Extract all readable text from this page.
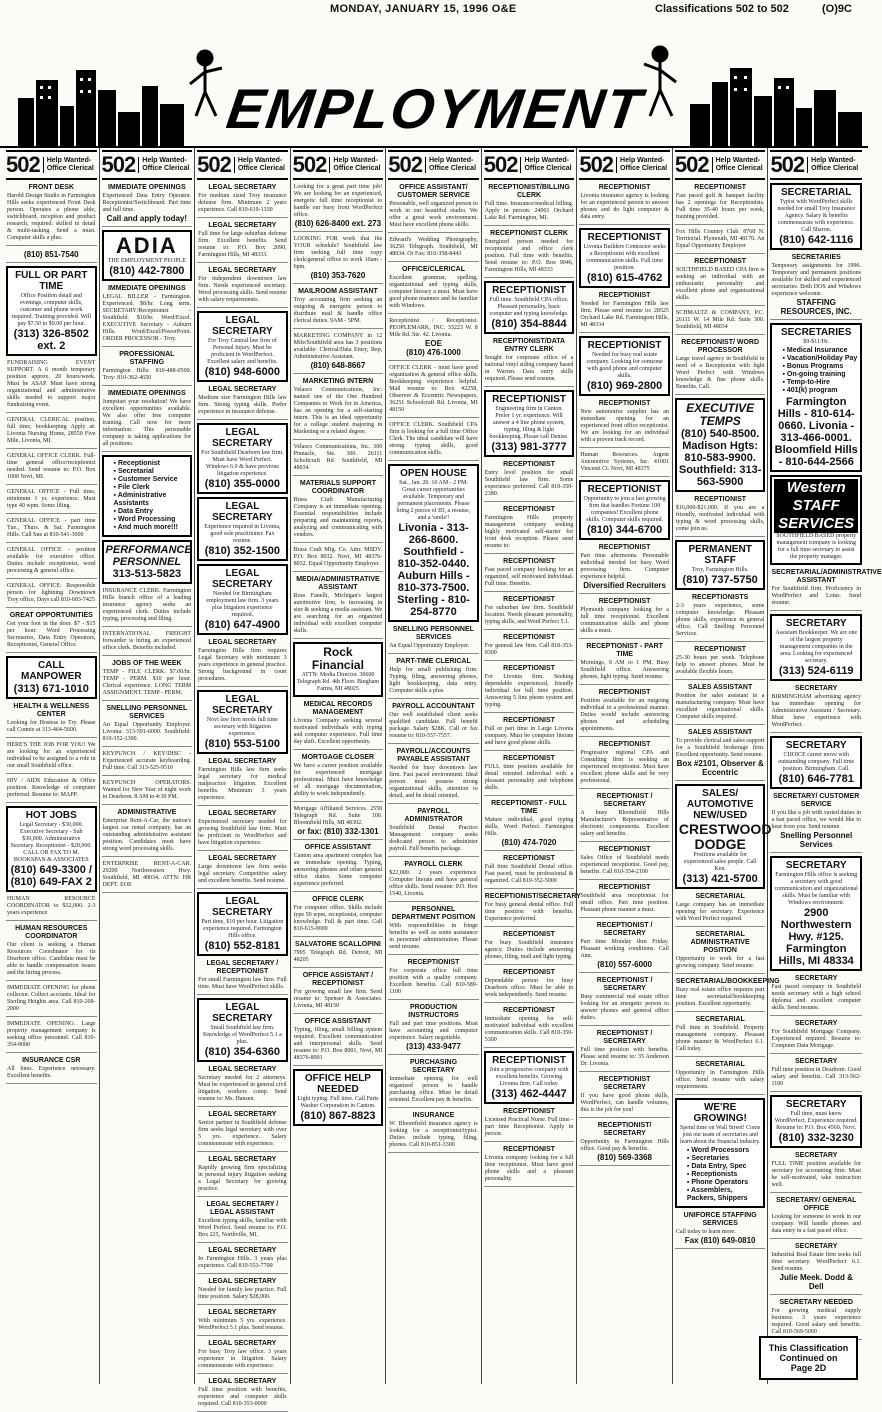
MONDAY, JANUARY 15, 1996 O&E	Classifications 502 to 502	(O)9C
EMPLOYMENT
502	Help Wanted-Office Clerical
FRONT DESK
Harold Design Studio in Farmington Hills seeks experienced Front Desk person. Operates a phone able, switchboard, reception and product research, required: skilled in detail & multi-tasking. Send a must. Computer skills a plus.
(810) 851-7540
FULL OR PART TIME
Office Position detail and evenings, computer skills, customer and phone work required. Training provided. Will pay $7.50 to $9.00 per hour.
(313) 326-8502 ext. 2
FUNDRAISING EVENT SUPPORT. A 6 month temporary position approx. 20 hours/week. Must be ASAP. Must have strong organizational and administrative skills needed to support major fundraising event.
GENERAL CLERICAL position, full time, bookkeeping Apply at: Livonia Nursing Home, 28550 Five Mile, Livonia, MI.
GENERAL OFFICE CLERK. Full-time general office/receptionist needed. Send resume to: P.O. Box 1000 Novi, MI.
GENERAL OFFICE - Full time, minimum 1 yr. experience. Must type 40 wpm. Some filing.
GENERAL OFFICE - part time Tue., Thurs. & Sat. Farmington Hills. Call Sue at 810-541-3000
GENERAL OFFICE - position available for executive office. Duties include receptionist, word processing & general office.
GENERAL OFFICE: Responsible person for lightning Downtown Troy office, Days call 810-683-7425
GREAT OPPORTUNITIES
Get your foot in the door. $7 - $15 per hour. Word Processing Secretaries, Data Entry Operators, Receptionist, General Office.
CALL MANPOWER
(313) 671-1010
HEALTH & WELLNESS CENTER
Looking for Hostess to Try. Please call Connie at 313-464-5600.
HERE'S THE JOB FOR YOU! We are looking for an experienced individual to be assigned to a role in our small Southfield office.
HIV / AIDS Education & Office position. Knowledge of computer preferred. Resume to: MAPP.
HOT JOBS
Legal Secretary - $30,000. Executive Secretary - Sub $30,000. Administrative Secretary. Receptionist - $20,000. CALL OR FAX TO M. BOOKSPAN & ASSOCIATES
(810) 649-3300 / (810) 649-FAX 2
HUMAN RESOURCE COORDINATOR to $32,000. 2-3 years experience.
HUMAN RESOURCES COORDINATOR
Our client is seeking a Human Resources Coordinator for its Dearborn office. Candidate must be able to handle compensation issues and the hiring process.
IMMEDIATE OPENING for phone collector. Collect accounts. Ideal for Sterling Heights area. Call 810-268-2000
IMMEDIATE OPENING: Large property management company is seeking office personnel. Call 810-354-9000
INSURANCE CSR
All lines. Experience necessary. Excellent benefits.
502	Help Wanted-Office Clerical
IMMEDIATE OPENINGS
Experienced Data Entry Operator. Receptionist/Switchboard. Part time and full time.
Call and apply today!
ADIA
THE EMPLOYMENT PEOPLE
(810) 442-7800
IMMEDIATE OPENINGS
LEGAL BILLER - Farmington. Experienced. $8/hr. Long term. SECRETARY/Receptionist - Southfield. $10/hr. Word/Excel. EXECUTIVE Secretary - Auburn Hills. Word/Excel/PowerPoint. ORDER PROCESSOR - Troy.
PROFESSIONAL STAFFING
Farmington Hills: 810-488-0500. Troy: 810-362-4650
IMMEDIATE OPENINGS
Jumpstart your resolution! We have excellent opportunities available. We also offer free computer training. Call now for more information. This personable company is taking applications for all positions.
▪ Receptionist
▪ Secretarial
▪ Customer Service
▪ File Clerk
▪ Administrative Assistants
▪ Data Entry
▪ Word Processing
▪ And much more!!!
PERFORMANCE PERSONNEL
313-513-5823
INSURANCE CLERK. Farmington Hills branch office of a leading insurance agency seeks an experienced clerk. Duties include typing, processing and filing.
INTERNATIONAL FREIGHT forwarder is hiring an experienced office clerk. Benefits included.
JOBS OF THE WEEK
TEMP - FILE CLERK. $7.00/hr. TEMP - PERM. $10 per hour. Clerical experience. LONG TERM ASSIGNMENT. TEMP - PERM.
SNELLING PERSONNEL SERVICES
An Equal Opportunity Employer. Livonia: 313-591-6000. Southfield: 810-352-1300.
KEYPUNCH / KEY/DISC - Experienced accurate keyboarding. Full time. Call 313-525-9510
KEYPUNCH OPERATORS. Wanted for New Year of night work in Dearborn. 8 AM to 4:30 PM.
ADMINISTRATIVE
Enterprise Rent-A-Car, the nation's largest car rental company, has an outstanding administrative assistant position. Candidates must have strong word processing skills.
ENTERPRISE RENT-A-CAR. 29200 Northwestern Hwy. Southfield, MI 48034. ATTN: HR DEPT. EOE
502	Help Wanted-Office Clerical
LEGAL SECRETARY
For medium sized Troy insurance defense firm. Minimum 2 years experience. Call 810-619-1330
LEGAL SECRETARY
Full time for large suburban defense firm. Excellent benefits. Send resume to: P.O. Box 2090, Farmington Hills, MI 48333.
LEGAL SECRETARY
For independent downtown law firm. Needs experienced secretary. Word processing skills. Send resume with salary requirements.
LEGAL SECRETARY
For Troy Central law firm of Personal Injury. Must be proficient in WordPerfect. Excellent salary and benefits.
(810) 948-6000
LEGAL SECRETARY
Medium size Farmington Hills law firm. Strong typing skills. Prefer experience in insurance defense.
LEGAL SECRETARY
For Southfield Dearborn law firm. Must have Word Perfect. Windows 6.0 & have previous litigation experience.
(810) 355-0000
LEGAL SECRETARY
Experience required in Livonia, good sole practitioner. Fax resume.
(810) 352-1500
LEGAL SECRETARY
Needed for Birmingham employment law firm. 3 years plus litigation experience required.
(810) 647-4900
LEGAL SECRETARY
Farmington Hills firm requires Legal Secretary with minimum 3 years experience in general practice. Strong background in court procedures.
LEGAL SECRETARY
Novi law firm needs full time secretary with litigation experience.
(810) 553-5100
LEGAL SECRETARY
Farmington Hills law firm seeks legal secretary for medical malpractice litigation. Excellent benefits. Minimum 3 years experience.
LEGAL SECRETARY
Experienced secretary needed for growing Southfield law firm. Must be proficient in WordPerfect and have litigation experience.
LEGAL SECRETARY
Large downtown law firm seeks legal secretary. Competitive salary and excellent benefits. Send resume.
LEGAL SECRETARY
Part time, $10 per hour. Litigation experience required. Farmington Hills office.
(810) 552-8181
LEGAL SECRETARY / RECEPTIONIST
For small Farmington law firm. Full time. Must have WordPerfect skills.
LEGAL SECRETARY
Small Southfield law firm. Knowledge of WordPerfect 5.1 a plus.
(810) 354-6360
LEGAL SECRETARY
Secretary needed for 2 attorneys. Must be experienced in general civil litigation, workers comp. Send resume to: Ms. Hansen.
LEGAL SECRETARY
Senior partner in Southfield defense firm seeks legal secretary with over 5 yrs. experience. Salary commensurate with experience.
LEGAL SECRETARY
Rapidly growing firm specializing in personal injury litigation seeking a Legal Secretary for growing practice.
LEGAL SECRETARY / LEGAL ASSISTANT
Excellent typing skills, familiar with Word Perfect. Send resume to: P.O. Box 225, Northville, MI.
LEGAL SECRETARY
In Farmington Hills. 3 years plus experience. Call 810-553-7700
LEGAL SECRETARY
Needed for family law practice. Full time position. Salary $28,000.
LEGAL SECRETARY
With minimum 5 yrs. experience. WordPerfect 5.1 plus. Send resume.
LEGAL SECRETARY
For busy Troy law office. 3 years experience in litigation. Salary commensurate with experience.
LEGAL SECRETARY
Full time position with benefits, experience and computer skills required. Call 810-353-0000
502	Help Wanted-Office Clerical
Looking for a great part time job! We are looking for an experienced, energetic full time receptionist to handle our busy front WordPerfect office.
(810) 626-8400 ext. 273
LOOKING FOR work that fits YOUR schedule? Southfield law firm seeking full time copy clerk/general office to work 10am - 6pm.
(810) 353-7620
MAILROOM ASSISTANT
Troy accounting firm seeking an outgoing & energetic person to distribute mail & handle office clerical duties. 9AM - 5PM.
MARKETING COMPANY in 12 Mile/Southfield area has 3 positions available: Clerical/Data Entry, Rep, Administrative Assistant.
(810) 648-8667
MARKETING INTERN
Velasco Communications, Inc. named one of the One Hundred Companies to Work for in America, has an opening for a self-starting intern. This is an ideal opportunity for a college student majoring in Marketing or a related degree.
Velasco Communications, Inc. 300 Pinnacle, Ste. 300. 26111 Scholtcraft Rd. Southfield, MI 48034
MATERIALS SUPPORT COORDINATOR
Brass Craft Manufacturing Company is an immediate opening. Essential responsibilities include preparing and maintaining reports, analyzing and communicating with vendors.
Brass Craft Mfg. Co. Attn: MSDV. P.O. Box 8032. Novi, MI 48376-8032. Equal Opportunity Employer.
MEDIA/ADMINISTRATIVE ASSISTANT
Ross Fanelli, Michigan's largest automotive firm, is increasing in size & seeking a media assistant. We are searching for an organized individual with excellent computer skills.
Rock Financial
ATTN: Media Director. 30600 Telegraph Rd. 4th Floor. Bingham Farms, MI 48025
MEDICAL RECORDS MANAGEMENT
Livonia Company seeking several motivated individuals with typing and computer experience. Full time day shift. Excellent opportunity.
MORTGAGE CLOSER
We have a career position available for experienced mortgage professional. Must have knowledge of all mortgage documentation, ability to work independently.
Mortgage Affiliated Services. 2550 Telegraph Rd. Suite 100. Bloomfield Hills, MI 48302.
or fax: (810) 332-1301
OFFICE ASSISTANT
Canton area apartment complex has an immediate opening. Typing, answering phones and other general office duties. Some computer experience preferred.
OFFICE CLERK
For computer office. Skills include type 50 wpm, receptionist, computer knowledge. Full & part time. Call 810-615-0000
SALVATORE SCALLOPINI
7995 Telegraph Rd. Detroit, MI 48205
OFFICE ASSISTANT / RECEPTIONIST
For growing small law firm. Send resume to: Spenser & Associates. Livonia, MI 48150
OFFICE ASSISTANT
Typing, filing, small billing system required. Excellent communication and interpersonal skills. Send resume to: P.O. Box 8001, Novi, MI 48376-8001
OFFICE HELP NEEDED
Light typing. Full time. Call Parts Washer Corporation in Canton.
(810) 867-8823
502	Help Wanted-Office Clerical
OFFICE ASSISTANT/ CUSTOMER SERVICE
Personable, well organized person to work in our beautiful studio. We offer a great work environment. Must have excellent phone skills.
Edward's Wedding Photography, 36250 Telegraph. Southfield, MI 48034. Or Fax: 810-358-8443
OFFICE/CLERICAL
Excellent grammar, spelling, organizational and typing skills, computer literacy a must. Must have good phone manners and be familiar with Windows.
Receptionist / Receptionist. PEOPLEMARK, INC. 33223 W. 8 Mile Rd. Ste. 42. Livonia.
EOE
(810) 476-1000
OFFICE CLERK - must have good organization & general office skills. Bookkeeping experience helpful. Mail resume to: Box #2258, Observer & Eccentric Newspapers, 36251 Schoolcraft Rd. Livonia, MI 48150
OFFICE CLERK. Southfield CPA firm is looking for a full time Office Clerk. The ideal candidate will have strong typing skills, good communication skills.
OPEN HOUSE
Sat., Jan. 20. 10 AM - 2 PM. Great career opportunities available. Temporary and permanent placements. Please bring 2 pieces of ID, a resume, and a 'smile'!
Livonia - 313-266-8600. Southfield - 810-352-0440. Auburn Hills - 810-373-7500. Sterling - 810-254-8770
SNELLING PERSONNEL SERVICES
An Equal Opportunity Employer.
PART-TIME CLERICAL
Help for small publishing firm. Typing, filing, answering phones, light bookkeeping, data entry. Computer skills a plus.
PAYROLL ACCOUNTANT
Our well established client seeks qualified candidate. Full benefit package. Salary $28K. Call or fax resume to: 810-557-7557.
PAYROLL/ACCOUNTS PAYABLE ASSISTANT
Needed for busy downtown law firm. Fast paced environment. Ideal person must possess strong organizational skills, attention to detail, and be detail oriented.
PAYROLL ADMINISTRATOR
Southfield Dental Practice Management company seeks dedicated person to administer payroll. Full benefits package.
PAYROLL CLERK
$22,000. 2 years experience. Computer literate and have general office skills. Send resume: P.O. Box 1540, Livonia.
PERSONNEL DEPARTMENT POSITION
With responsibilities in fringe benefits as well as some assistance in personnel administration. Please send resume.
RECEPTIONIST
For corporate office full time position with a quality company. Excellent benefits. Call 810-589-1100
PRODUCTION INSTRUCTORS
Full and part time positions. Must have accounting and computer experience. Salary negotiable.
(313) 433-9477
PURCHASING SECRETARY
Immediate opening for well organized person to handle purchasing office. Must be detail oriented. Excellent pay & benefits.
INSURANCE
W. Bloomfield insurance agency is looking for a receptionist/typist. Duties include typing, filing, phones. Call 810-851-3300
502	Help Wanted-Office Clerical
RECEPTIONIST/BILLING CLERK
Full time. Insurance/medical billing. Apply in person: 24001 Orchard Lake Rd. Farmington, MI.
RECEPTIONIST CLERK
Energized person needed for receptionist and office clerk position. Full time with benefits. Send resume to: P.O. Box 9046, Farmington Hills, MI 48333
RECEPTIONIST
Full time. Southfield CPA office. Pleasant personality, basic computer and typing knowledge.
(810) 354-8844
RECEPTIONIST/DATA ENTRY CLERK
Sought for corporate office of a national vinyl siding company based in Warren. Data entry skills required. Please send resume.
RECEPTIONIST
Engineering firm in Canton. Prefer 1 yr. experience. Will answer a 4 line phone system, typing, filing & light bookkeeping. Please call Denise.
(313) 981-3777
RECEPTIONIST
Entry level position for small Southfield law firm. Some experience preferred. Call 810-350-2380.
RECEPTIONIST
Farmington Hills property management company seeking highly motivated self-starter for front desk reception. Please send resume to:
RECEPTIONIST
Fast paced company looking for an organized, self motivated individual. Full time. Benefits.
RECEPTIONIST
For suburban law firm. Southfield location. Needs pleasant personality, typing skills, and Word Perfect 5.1.
RECEPTIONIST
For general law firm. Call 810-353-9300
RECEPTIONIST
For Livonia firm. Seeking dependable experienced, friendly individual for full time position. Answering 5 line phone system and typing.
RECEPTIONIST
Full or part time in Large Livonia company. Must be computer literate and have good phone skills.
RECEPTIONIST
FULL time position available for detail oriented individual with a pleasant personality and telephone skills.
RECEPTIONIST - FULL TIME
Mature individual, good typing skills, Word Perfect. Farmington Hills.
(810) 474-7020
RECEPTIONIST
Full time Southfield Dental office. Fast paced, must be professional & organized. Call 810-352-5000
RECEPTIONIST/SECRETARY
For busy general dental office. Full time position with benefits. Experience preferred.
RECEPTIONIST
For busy Southfield insurance agency. Duties include answering phones, filing, mail and light typing.
RECEPTIONIST
Dependable person for busy Dearborn office. Must be able to work independently. Send resume.
RECEPTIONIST
Immediate opening for self-motivated individual with excellent communication skills. Call 810-350-5300
RECEPTIONIST
Join a progressive company with excellent benefits. Growing Livonia firm. Call today.
(313) 462-4447
RECEPTIONIST
Licensed Practical Nurse. Full time - part time Receptionist. Apply in person.
RECEPTIONIST
Livonia company looking for a full time receptionist. Must have good phone skills and a pleasant personality.
502	Help Wanted-Office Clerical
RECEPTIONIST
Livonia insurance agency is looking for an experienced person to answer phones and do light computer & data entry.
RECEPTIONIST
Livonia Builders Contractor seeks a Receptionist with excellent communication skills. Full time position.
(810) 615-4762
RECEPTIONIST
Needed for Farmington Hills law firm. Please send resume to: 28525 Orchard Lake Rd. Farmington Hills, MI 48334
RECEPTIONIST
Needed for busy real estate company. Looking for someone with good phone and computer skills.
(810) 969-2800
RECEPTIONIST
New automotive supplier has an immediate opening for an experienced front office receptionist. We are looking for an individual with a proven track record.
Human Resources. Argent Automotive Systems, Inc. 41001 Vincenti Ct. Novi, MI 48375
RECEPTIONIST
Opportunity to join a fast growing firm that handles Fortune 100 companies! Excellent phone skills. Computer skills required.
(810) 344-6700
RECEPTIONIST
Part time afternoons. Personable individual needed for busy Word processing firm. Computer experience helpful.
Diversified Recruiters
RECEPTIONIST
Plymouth company looking for a full time receptionist. Excellent communication skills and phone skills a must.
RECEPTIONIST - PART TIME
Mornings, 9 AM to 1 PM. Busy Southfield office. Answering phones, light typing. Send resume.
RECEPTIONIST
Position available for an outgoing individual in a professional manner. Duties would include answering phones and scheduling appointments.
RECEPTIONIST
Progressive regional CPA and Consulting firm is seeking an experienced receptionist. Must have excellent phone skills and be very professional.
RECEPTIONIST / SECRETARY
A busy Bloomfield Hills Manufacturer's Representative of electronic components. Excellent salary and benefits.
RECEPTIONIST
Sales Office of Southfield needs experienced receptionist. Good pay, benefits. Call 810-354-2100
RECEPTIONIST
Southfield area receptionist for small office. Part time position. Pleasant phone manner a must.
RECEPTIONIST / SECRETARY
Part time Monday thru Friday. Pleasant working conditions. Call Ann.
(810) 557-6000
RECEPTIONIST / SECRETARY
Busy commercial real estate office looking for an energetic person to answer phones and general office duties.
RECEPTIONIST / SECRETARY
Full time position with benefits. Please send resume to: 35 Anderson Dr. Livonia.
RECEPTIONIST SECRETARY
If you have good phone skills, WordPerfect, can handle volumes, this is the job for you!
RECEPTIONIST/ SECRETARY
Opportunity in Farmington Hills office. Good pay & benefits.
(810) 569-3368
502	Help Wanted-Office Clerical
RECEPTIONIST
Fast paced golf & banquet facility has 2 openings for Receptionists. Full time 35-40 hours per week, training provided.
Fox Hills Country Club. 8768 N. Territorial. Plymouth, MI 48170. An Equal Opportunity Employer
RECEPTIONIST
SOUTHFIELD BASED CPA firm is seeking an individual with an enthusiastic personality and excellent phone and organizational skills.
SCHMALTZ & COMPANY, P.C. 26111 W. 14 Mile Rd. Suite 300. Southfield, MI 48034
RECEPTIONIST/ WORD PROCESSOR
Large travel agency in Southfield in need of a Receptionist with light Word Perfect with Windows knowledge & fine phone skills. Benefits. Call.
EXECUTIVE TEMPS
(810) 540-8500. Madison Hgts: 810-583-9900. Southfield: 313-563-5900
RECEPTIONIST
$16,000-$21,000. If you are a friendly, motivated individual with typing & word processing skills, come join us.
PERMANENT STAFF
Troy, Farmington Hills.
(810) 737-5750
RECEPTIONISTS
2-3 years experience, some computer knowledge. Pleasant phone skills, experience in general office. Call Snelling Personnel Services.
RECEPTIONIST
25-30 hours per week. Telephone help to answer phones. Must be available flexible hours.
SALES ASSISTANT
Position for sales assistant in a manufacturing company. Must have excellent organizational skills. Computer skills required.
SALES ASSISTANT
To provide clerical and sales support for a Southfield brokerage firm. Excellent opportunity. Send resume.
Box #2101, Observer & Eccentric
SALES/ AUTOMOTIVE NEW/USED
CRESTWOOD DODGE
Positions available for experienced sales people. Call Ken.
(313) 421-5700
SECRETARIAL
Large company has an immediate opening for secretary. Experience with Word Perfect required.
SECRETARIAL ADMINISTRATIVE POSITION
Opportunity to work for a fast growing company. Send resume.
SECRETARIAL/BOOKKEEPING
Busy real estate office requires part time secretarial/bookkeeping position. Excellent opportunity.
SECRETARIAL
Full time in Southfield. Property management company. Pleasant phone manner & WordPerfect 6.1. Call today.
SECRETARIAL
Opportunity in Farmington Hills office. Send resume with salary requirements.
WE'RE GROWING!
Spend time on Wall Street! Come join our team of secretaries and learn about the financial industry.
▪ Word Processors
▪ Secretaries
▪ Data Entry, Spec
▪ Receptionists
▪ Phone Operators
▪ Assemblers, Packers, Shippers
UNIFORCE STAFFING SERVICES
Call today to learn more.
Fax (810) 649-0810
502	Help Wanted-Office Clerical
SECRETARIAL
Typist with WordPerfect skills needed for small Troy Insurance Agency. Salary & benefits commensurate with experience. Call Sharon.
(810) 642-1116
SECRETARIES
Temporary assignments for 1996. Temporary and permanent positions available for skilled and experienced secretaries. Both DOS and Windows experience welcome.
STAFFING RESOURCES, INC.
SECRETARIES
$9-$11/Hr.
▪ Medical Insurance
▪ Vacation/Holiday Pay
▪ Bonus Programs
▪ On-going training
▪ Temp-to-Hire
▪ 401(k) program
Farmington Hills - 810-614-0660. Livonia - 313-466-0001. Bloomfield Hills - 810-644-2566
Western STAFF SERVICES
SOUTHFIELD BASED property management company is looking for a full time secretary to assist the property manager.
SECRETARIAL/ADMINISTRATIVE ASSISTANT
For Southfield firm. Proficiency in WordPerfect and Lotus. Send resume.
SECRETARY
Assistant Bookkeeper. We are one of the largest property management companies in the area. Looking for experienced secretary.
(313) 524-6119
SECRETARY
BIRMINGHAM advertising agency has immediate opening for Administrative Assistant / Secretary. Must have experience with WordPerfect.
SECRETARY
CHOICE career move with outstanding company. Full time position. Birmingham. Call.
(810) 646-7781
SECRETARY/ CUSTOMER SERVICE
If you like a job with varied duties in a fast paced office, we would like to hear from you. Send resume.
Snelling Personnel Services
SECRETARY
Farmington Hills office is seeking a secretary with good communication and organizational skills. Must be familiar with Windows environment.
2900 Northwestern Hwy. #125. Farmington Hills, MI 48334
SECRETARY
Fast paced company in Southfield needs secretary with a high school diploma and excellent computer skills. Send resume.
SECRETARY
For Southfield Mortgage Company. Experienced required. Resume to: Computer Data Mortgage.
SECRETARY
Full time position in Dearborn. Good salary and benefits. Call 313-562-1100
SECRETARY
Full time, must know WordPerfect. Experience required. Resume to: P.O. Box 4560, Novi.
(810) 332-3230
SECRETARY
FULL TIME position available for secretary for accounting firm. Must be self-motivated, take instruction well.
SECRETARY/ GENERAL OFFICE
Looking for someone to work in our company. Will handle phones and data entry in a fast paced office.
SECRETARY
Industrial Real Estate firm seeks full time secretary. WordPerfect 6.1. Send resume.
Julie Meek. Dodd & Dell
SECRETARY NEEDED
For growing medical supply business. 3 years experience required. Good salary and benefits. Call 810-569-5000
This Classification
Continued on
Page 2D
